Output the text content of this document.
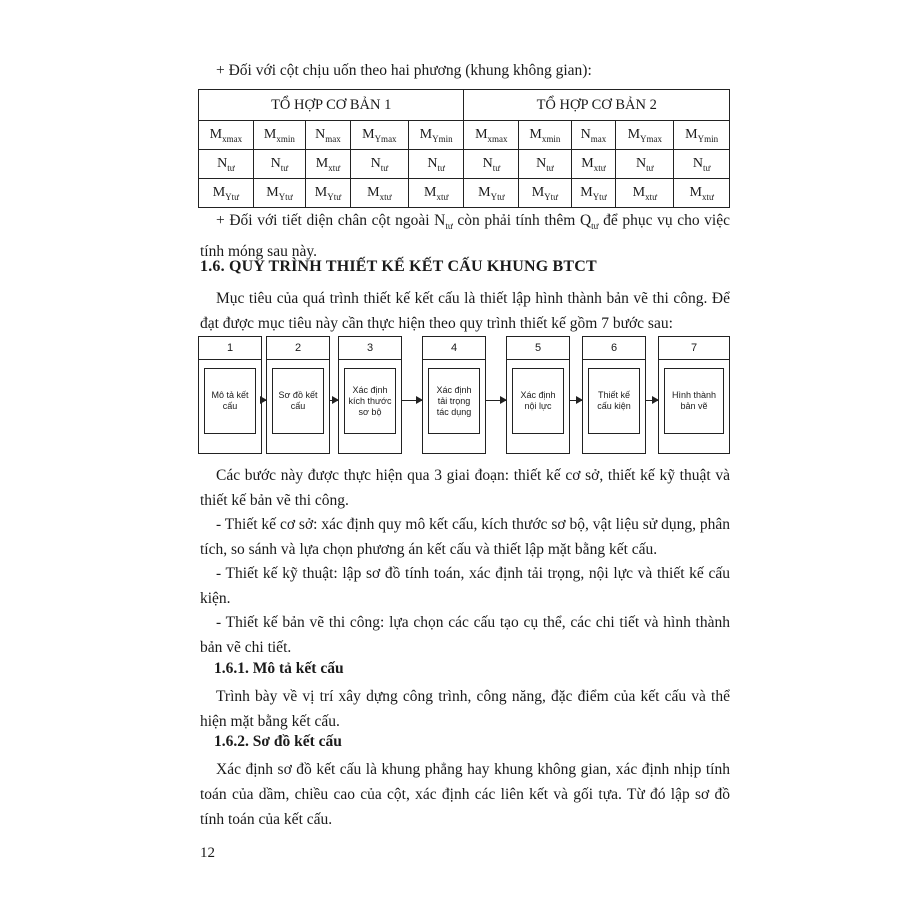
+ Đối với cột chịu uốn theo hai phương (khung không gian):

TỔ HỢP CƠ BẢN 1					TỔ HỢP CƠ BẢN 2				
$M_{xmax}$	$M_{xmin}$	$N_{max}$	$M_{Ymax}$	$M_{Ymin}$	$M_{xmax}$	$M_{xmin}$	$N_{max}$	$M_{Ymax}$	$M_{Ymin}$
$N_{tư}$	$N_{tư}$	$M_{xtư}$	$N_{tư}$	$N_{tư}$	$N_{tư}$	$N_{tư}$	$M_{xtư}$	$N_{tư}$	$N_{tư}$
$M_{Ytư}$	$M_{Ytư}$	$M_{Ytư}$	$M_{xtư}$	$M_{xtư}$	$M_{Ytư}$	$M_{Ytư}$	$M_{Ytư}$	$M_{xtư}$	$M_{xtư}$

+ Đối với tiết diện chân cột ngoài $N_{tư}$ còn phải tính thêm $Q_{tư}$ để phục vụ cho việc tính móng sau này.

1.6. QUY TRÌNH THIẾT KẾ KẾT CẤU KHUNG BTCT

Mục tiêu của quá trình thiết kế kết cấu là thiết lập hình thành bản vẽ thi công. Để đạt được mục tiêu này cần thực hiện theo quy trình thiết kế gồm 7 bước sau:

1
Mô tả kết cấu
2
Sơ đồ kết cấu
3
Xác định kích thước sơ bộ
4
Xác định tải trọng tác dụng
5
Xác định nội lực
6
Thiết kế cấu kiện
7
Hình thành bản vẽ

Các bước này được thực hiện qua 3 giai đoạn: thiết kế cơ sở, thiết kế kỹ thuật và thiết kế bản vẽ thi công.

- Thiết kế cơ sở: xác định quy mô kết cấu, kích thước sơ bộ, vật liệu sử dụng, phân tích, so sánh và lựa chọn phương án kết cấu và thiết lập mặt bằng kết cấu.

- Thiết kế kỹ thuật: lập sơ đồ tính toán, xác định tải trọng, nội lực và thiết kế cấu kiện.

- Thiết kế bản vẽ thi công: lựa chọn các cấu tạo cụ thể, các chi tiết và hình thành bản vẽ chi tiết.

1.6.1. Mô tả kết cấu

Trình bày về vị trí xây dựng công trình, công năng, đặc điểm của kết cấu và thể hiện mặt bằng kết cấu.

1.6.2. Sơ đồ kết cấu

Xác định sơ đồ kết cấu là khung phẳng hay khung không gian, xác định nhịp tính toán của dầm, chiều cao của cột, xác định các liên kết và gối tựa. Từ đó lập sơ đồ tính toán của kết cấu.

12
